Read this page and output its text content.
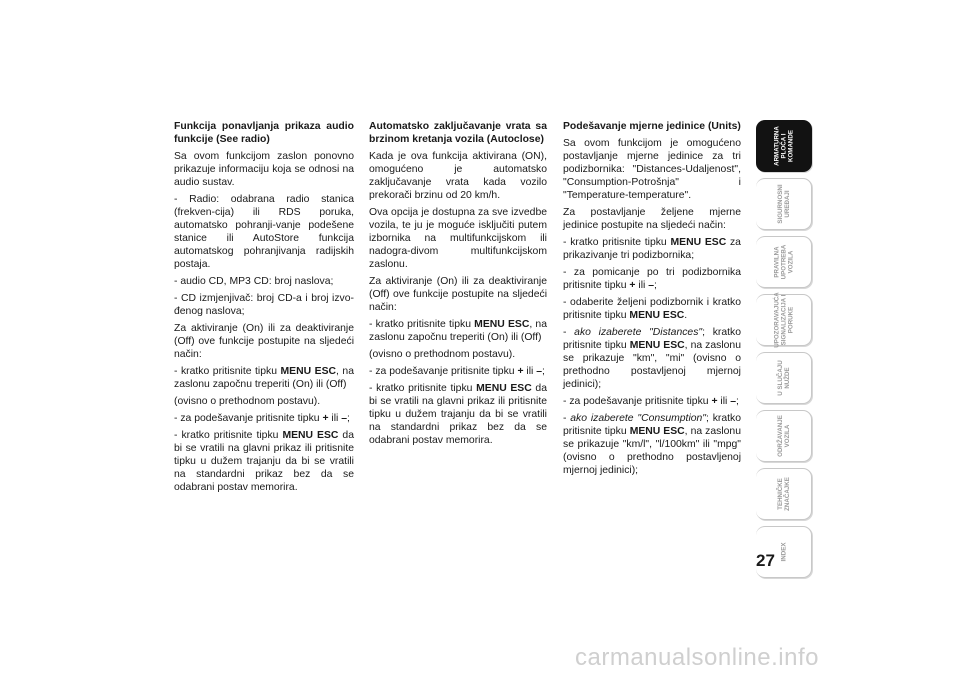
Funkcija ponavljanja prikaza audio funkcije (See radio)

Sa ovom funkcijom zaslon ponovno prikazuje informaciju koja se odnosi na audio sustav.

- Radio: odabrana radio stanica (frekven-cija) ili RDS poruka, automatsko pohranji-vanje podešene stanice ili AutoStore funkcija automatskog pohranjivanja radijskih postaja.

- audio CD, MP3 CD: broj naslova;

- CD izmjenjivač: broj CD-a i broj izvo-đenog naslova;

Za aktiviranje (On) ili za deaktiviranje (Off) ove funkcije postupite na sljedeći način:

- kratko pritisnite tipku MENU ESC, na zaslonu započnu treperiti (On) ili (Off)

(ovisno o prethodnom postavu).

- za podešavanje pritisnite tipku + ili –;

- kratko pritisnite tipku MENU ESC da bi se vratili na glavni prikaz ili pritisnite tipku u dužem trajanju da bi se vratili na standardni prikaz bez da se odabrani postav memorira.

Automatsko zaključavanje vrata sa brzinom kretanja vozila (Autoclose)

Kada je ova funkcija aktivirana (ON), omogućeno je automatsko zaključavanje vrata kada vozilo prekorači brzinu od 20 km/h.

Ova opcija je dostupna za sve izvedbe vozila, te ju je moguće isključiti putem izbornika na multifunkcijskom ili nadogra-divom multifunkcijskom zaslonu.

Za aktiviranje (On) ili za deaktiviranje (Off) ove funkcije postupite na sljedeći način:

- kratko pritisnite tipku MENU ESC, na zaslonu započnu treperiti (On) ili (Off)

(ovisno o prethodnom postavu).

- za podešavanje pritisnite tipku + ili –;

- kratko pritisnite tipku MENU ESC da bi se vratili na glavni prikaz ili pritisnite tipku u dužem trajanju da bi se vratili na standardni prikaz bez da se odabrani postav memorira.

Podešavanje mjerne jedinice (Units)

Sa ovom funkcijom je omogućeno postavljanje mjerne jedinice za tri podizbornika: "Distances-Udaljenost", "Consumption-Potrošnja" i "Temperature-temperature".

Za postavljanje željene mjerne jedinice postupite na sljedeći način:

- kratko pritisnite tipku MENU ESC za prikazivanje tri podizbornika;

- za pomicanje po tri podizbornika pritisnite tipku + ili –;

- odaberite željeni podizbornik i kratko pritisnite tipku MENU ESC.

- ako izaberete "Distances"; kratko pritisnite tipku MENU ESC, na zaslonu se prikazuje "km", "mi" (ovisno o prethodno postavljenoj mjernoj jedinici);

- za podešavanje pritisnite tipku + ili –;

- ako izaberete "Consumption"; kratko pritisnite tipku MENU ESC, na zaslonu se prikazuje "km/l", "l/100km" ili "mpg" (ovisno o prethodno postavljenoj mjernoj jedinici);

ARMATURNA
PLOČA I
KOMANDE
SIGURNOSNI
UREĐAJI
PRAVILNA
UPOTREBA
VOZILA
UPOZORAVAJUĆA
SIGNALIZACIJA I
PORUKE
U SLUČAJU
NUŽDE
ODRŽAVANJE
VOZILA
TEHNIČKE
ZNAČAJKE
INDEX
27
carmanualsonline.info
